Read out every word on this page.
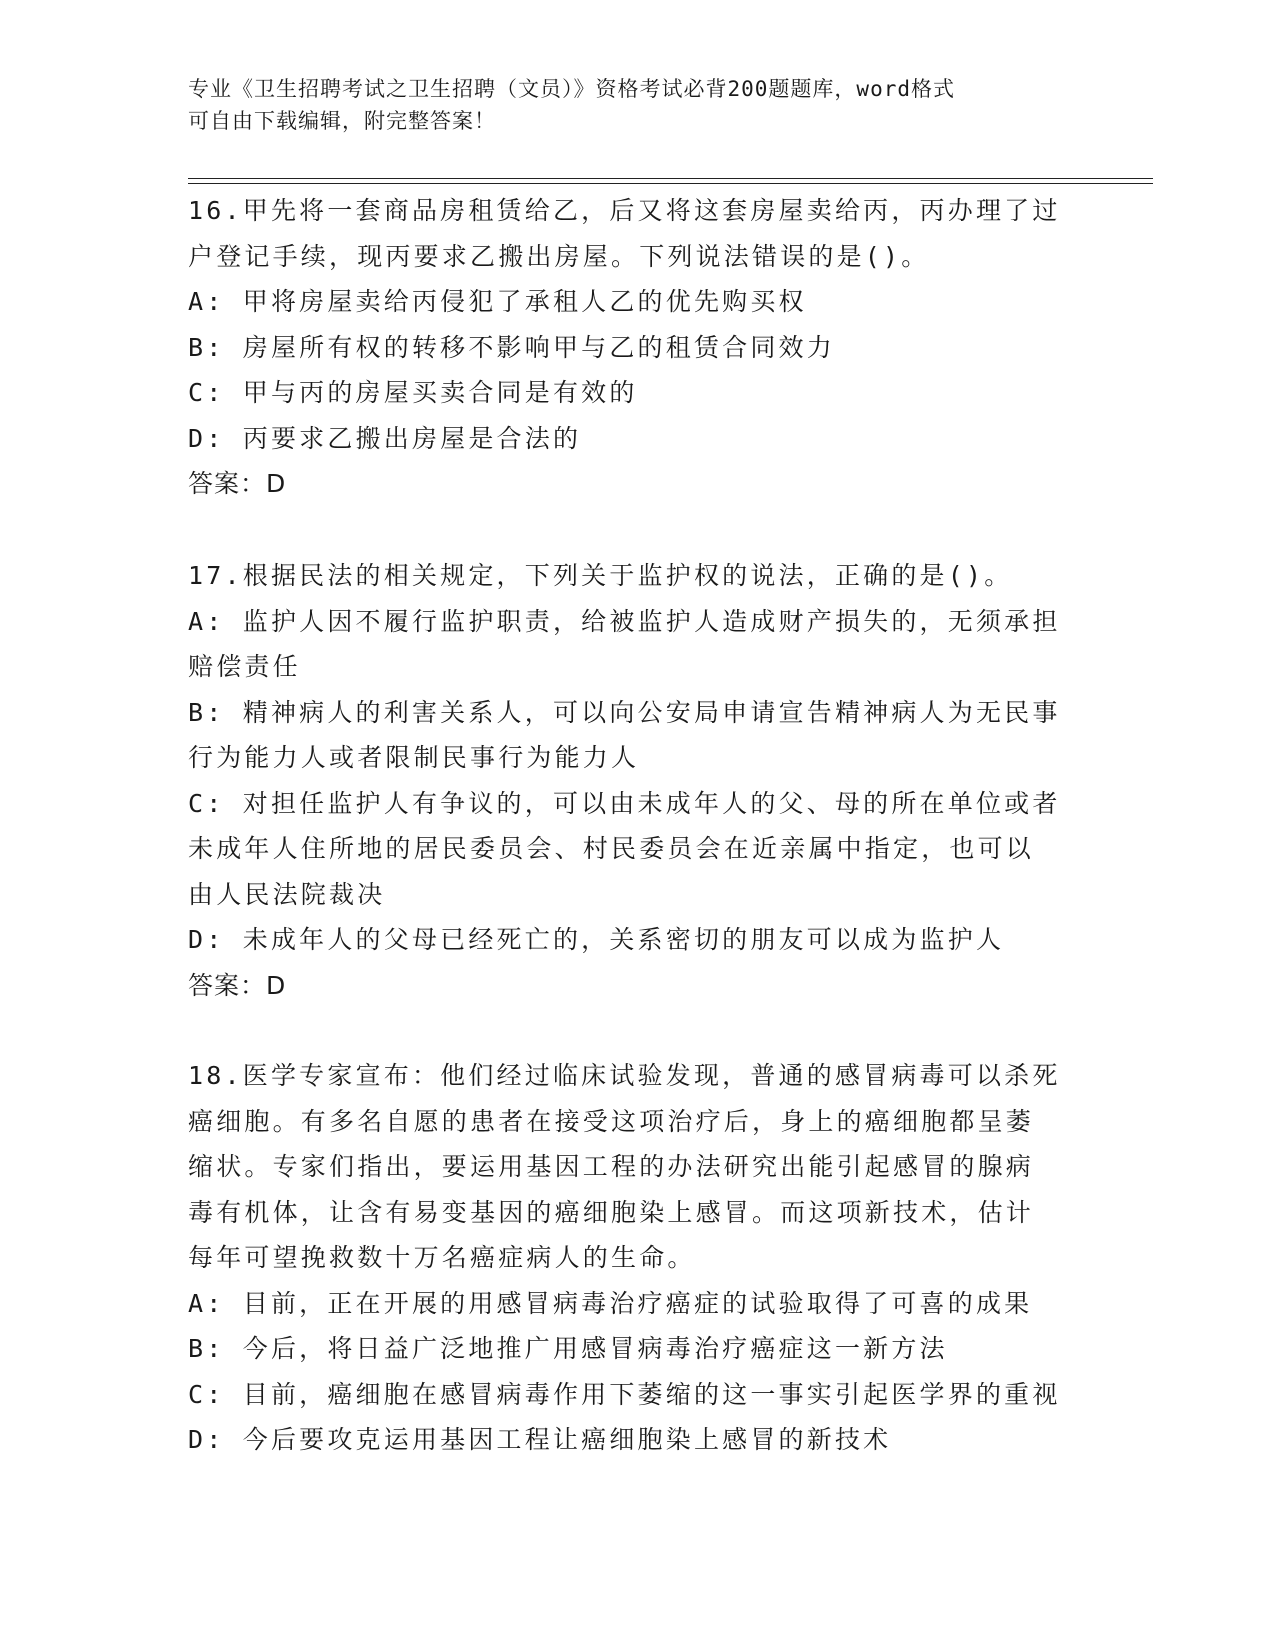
专业《卫生招聘考试之卫生招聘（文员）》资格考试必背200题题库，word格式
可自由下载编辑，附完整答案！
16.甲先将一套商品房租赁给乙，后又将这套房屋卖给丙，丙办理了过
户登记手续，现丙要求乙搬出房屋。下列说法错误的是()。
A: 甲将房屋卖给丙侵犯了承租人乙的优先购买权
B: 房屋所有权的转移不影响甲与乙的租赁合同效力
C: 甲与丙的房屋买卖合同是有效的
D: 丙要求乙搬出房屋是合法的
答案：D
17.根据民法的相关规定，下列关于监护权的说法，正确的是()。
A: 监护人因不履行监护职责，给被监护人造成财产损失的，无须承担
赔偿责任
B: 精神病人的利害关系人，可以向公安局申请宣告精神病人为无民事
行为能力人或者限制民事行为能力人
C: 对担任监护人有争议的，可以由未成年人的父、母的所在单位或者
未成年人住所地的居民委员会、村民委员会在近亲属中指定，也可以
由人民法院裁决
D: 未成年人的父母已经死亡的，关系密切的朋友可以成为监护人
答案：D
18.医学专家宣布：他们经过临床试验发现，普通的感冒病毒可以杀死
癌细胞。有多名自愿的患者在接受这项治疗后，身上的癌细胞都呈萎
缩状。专家们指出，要运用基因工程的办法研究出能引起感冒的腺病
毒有机体，让含有易变基因的癌细胞染上感冒。而这项新技术，估计
每年可望挽救数十万名癌症病人的生命。
A: 目前，正在开展的用感冒病毒治疗癌症的试验取得了可喜的成果
B: 今后，将日益广泛地推广用感冒病毒治疗癌症这一新方法
C: 目前，癌细胞在感冒病毒作用下萎缩的这一事实引起医学界的重视
D: 今后要攻克运用基因工程让癌细胞染上感冒的新技术
